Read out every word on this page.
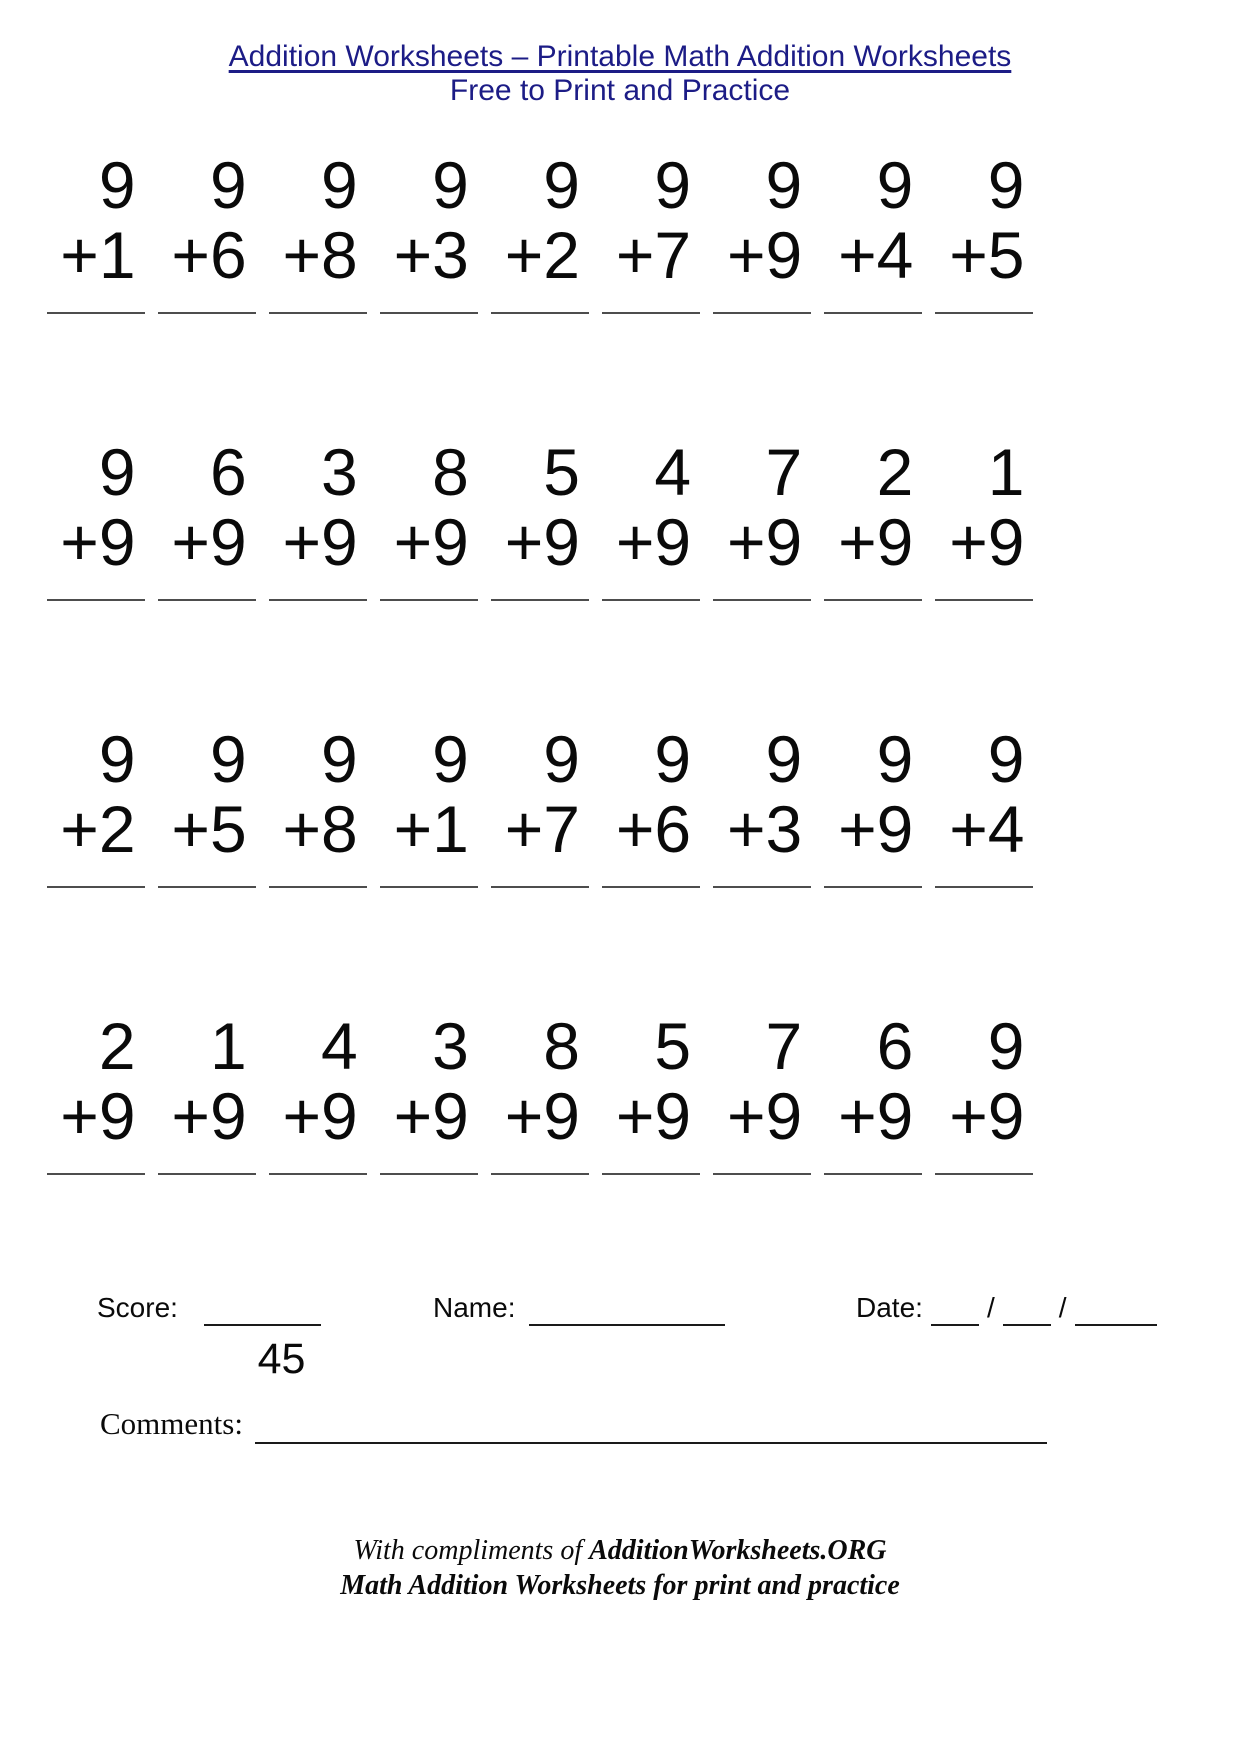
Addition Worksheets – Printable Math Addition Worksheets
Free to Print and Practice
9
+1
9
+6
9
+8
9
+3
9
+2
9
+7
9
+9
9
+4
9
+5
9
+9
6
+9
3
+9
8
+9
5
+9
4
+9
7
+9
2
+9
1
+9
9
+2
9
+5
9
+8
9
+1
9
+7
9
+6
9
+3
9
+9
9
+4
2
+9
1
+9
4
+9
3
+9
8
+9
5
+9
7
+9
6
+9
9
+9
Score:
45
Name:	Date: / /
Comments:
With compliments of AdditionWorksheets.ORG
Math Addition Worksheets for print and practice
